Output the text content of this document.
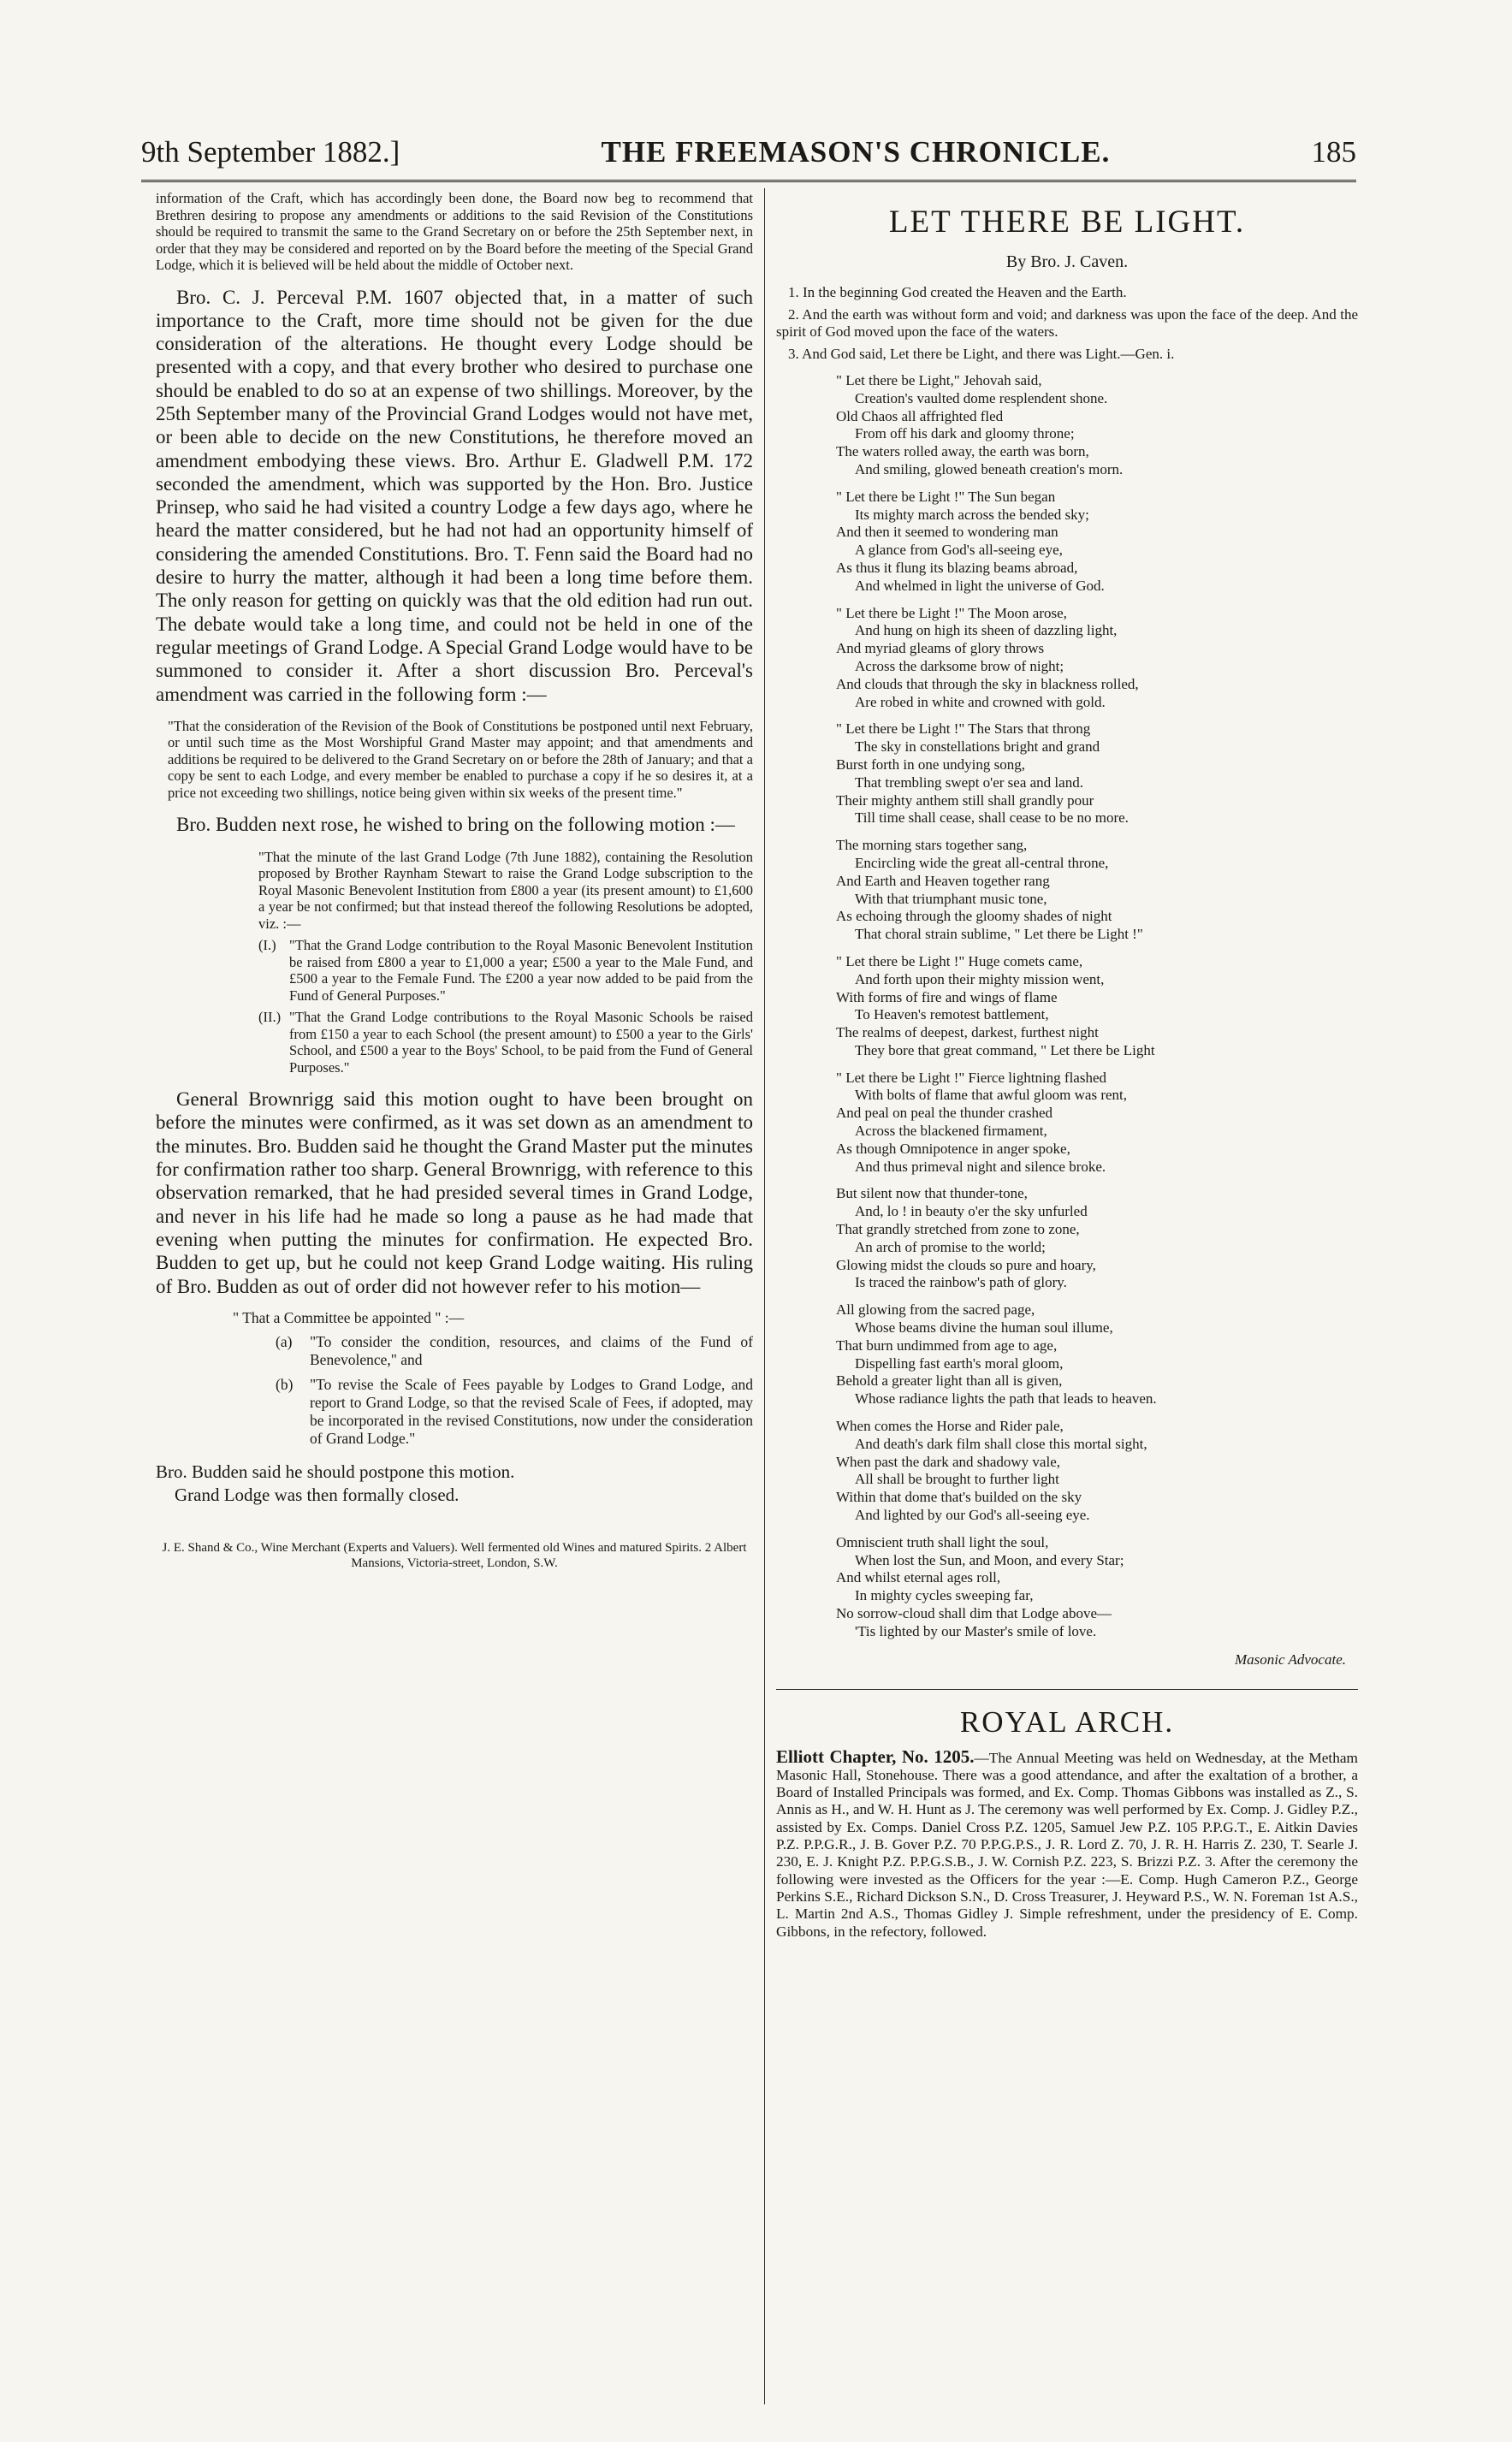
9th September 1882.]	THE FREEMASON'S CHRONICLE.	185

information of the Craft, which has accordingly been done, the Board now beg to recommend that Brethren desiring to propose any amendments or additions to the said Revision of the Constitutions should be required to transmit the same to the Grand Secretary on or before the 25th September next, in order that they may be considered and reported on by the Board before the meeting of the Special Grand Lodge, which it is believed will be held about the middle of October next.

Bro. C. J. Perceval P.M. 1607 objected that, in a matter of such importance to the Craft, more time should not be given for the due consideration of the alterations. He thought every Lodge should be presented with a copy, and that every brother who desired to purchase one should be enabled to do so at an expense of two shillings. Moreover, by the 25th September many of the Provincial Grand Lodges would not have met, or been able to decide on the new Constitutions, he therefore moved an amendment embodying these views. Bro. Arthur E. Gladwell P.M. 172 seconded the amendment, which was supported by the Hon. Bro. Justice Prinsep, who said he had visited a country Lodge a few days ago, where he heard the matter considered, but he had not had an opportunity himself of considering the amended Constitutions. Bro. T. Fenn said the Board had no desire to hurry the matter, although it had been a long time before them. The only reason for getting on quickly was that the old edition had run out. The debate would take a long time, and could not be held in one of the regular meetings of Grand Lodge. A Special Grand Lodge would have to be summoned to consider it. After a short discussion Bro. Perceval's amendment was carried in the following form :—

"That the consideration of the Revision of the Book of Constitutions be postponed until next February, or until such time as the Most Worshipful Grand Master may appoint; and that amendments and additions be required to be delivered to the Grand Secretary on or before the 28th of January; and that a copy be sent to each Lodge, and every member be enabled to purchase a copy if he so desires it, at a price not exceeding two shillings, notice being given within six weeks of the present time."

Bro. Budden next rose, he wished to bring on the following motion :—

"That the minute of the last Grand Lodge (7th June 1882), containing the Resolution proposed by Brother Raynham Stewart to raise the Grand Lodge subscription to the Royal Masonic Benevolent Institution from £800 a year (its present amount) to £1,600 a year be not confirmed; but that instead thereof the following Resolutions be adopted, viz. :—

(I.) "That the Grand Lodge contribution to the Royal Masonic Benevolent Institution be raised from £800 a year to £1,000 a year; £500 a year to the Male Fund, and £500 a year to the Female Fund. The £200 a year now added to be paid from the Fund of General Purposes."
(II.) "That the Grand Lodge contributions to the Royal Masonic Schools be raised from £150 a year to each School (the present amount) to £500 a year to the Girls' School, and £500 a year to the Boys' School, to be paid from the Fund of General Purposes."

General Brownrigg said this motion ought to have been brought on before the minutes were confirmed, as it was set down as an amendment to the minutes. Bro. Budden said he thought the Grand Master put the minutes for confirmation rather too sharp. General Brownrigg, with reference to this observation remarked, that he had presided several times in Grand Lodge, and never in his life had he made so long a pause as he had made that evening when putting the minutes for confirmation. He expected Bro. Budden to get up, but he could not keep Grand Lodge waiting. His ruling of Bro. Budden as out of order did not however refer to his motion—

" That a Committee be appointed " :—

(a)	"To consider the condition, resources, and claims of the Fund of Benevolence," and
(b)	"To revise the Scale of Fees payable by Lodges to Grand Lodge, and report to Grand Lodge, so that the revised Scale of Fees, if adopted, may be incorporated in the revised Constitutions, now under the consideration of Grand Lodge."

Bro. Budden said he should postpone this motion.

Grand Lodge was then formally closed.

J. E. Shand & Co., Wine Merchant (Experts and Valuers). Well fermented old Wines and matured Spirits. 2 Albert Mansions, Victoria-street, London, S.W.

LET THERE BE LIGHT.
By Bro. J. Caven.

1. In the beginning God created the Heaven and the Earth.

2. And the earth was without form and void; and darkness was upon the face of the deep. And the spirit of God moved upon the face of the waters.

3. And God said, Let there be Light, and there was Light.—Gen. i.

" Let there be Light," Jehovah said,
Creation's vaulted dome resplendent shone.
Old Chaos all affrighted fled
From off his dark and gloomy throne;
The waters rolled away, the earth was born,
And smiling, glowed beneath creation's morn.
" Let there be Light !" The Sun began
Its mighty march across the bended sky;
And then it seemed to wondering man
A glance from God's all-seeing eye,
As thus it flung its blazing beams abroad,
And whelmed in light the universe of God.
" Let there be Light !" The Moon arose,
And hung on high its sheen of dazzling light,
And myriad gleams of glory throws
Across the darksome brow of night;
And clouds that through the sky in blackness rolled,
Are robed in white and crowned with gold.
" Let there be Light !" The Stars that throng
The sky in constellations bright and grand
Burst forth in one undying song,
That trembling swept o'er sea and land.
Their mighty anthem still shall grandly pour
Till time shall cease, shall cease to be no more.
The morning stars together sang,
Encircling wide the great all-central throne,
And Earth and Heaven together rang
With that triumphant music tone,
As echoing through the gloomy shades of night
That choral strain sublime, " Let there be Light !"
" Let there be Light !" Huge comets came,
And forth upon their mighty mission went,
With forms of fire and wings of flame
To Heaven's remotest battlement,
The realms of deepest, darkest, furthest night
They bore that great command, " Let there be Light
" Let there be Light !" Fierce lightning flashed
With bolts of flame that awful gloom was rent,
And peal on peal the thunder crashed
Across the blackened firmament,
As though Omnipotence in anger spoke,
And thus primeval night and silence broke.
But silent now that thunder-tone,
And, lo ! in beauty o'er the sky unfurled
That grandly stretched from zone to zone,
An arch of promise to the world;
Glowing midst the clouds so pure and hoary,
Is traced the rainbow's path of glory.
All glowing from the sacred page,
Whose beams divine the human soul illume,
That burn undimmed from age to age,
Dispelling fast earth's moral gloom,
Behold a greater light than all is given,
Whose radiance lights the path that leads to heaven.
When comes the Horse and Rider pale,
And death's dark film shall close this mortal sight,
When past the dark and shadowy vale,
All shall be brought to further light
Within that dome that's builded on the sky
And lighted by our God's all-seeing eye.
Omniscient truth shall light the soul,
When lost the Sun, and Moon, and every Star;
And whilst eternal ages roll,
In mighty cycles sweeping far,
No sorrow-cloud shall dim that Lodge above—
'Tis lighted by our Master's smile of love.
Masonic Advocate.
ROYAL ARCH.

Elliott Chapter, No. 1205.—The Annual Meeting was held on Wednesday, at the Metham Masonic Hall, Stonehouse. There was a good attendance, and after the exaltation of a brother, a Board of Installed Principals was formed, and Ex. Comp. Thomas Gibbons was installed as Z., S. Annis as H., and W. H. Hunt as J. The ceremony was well performed by Ex. Comp. J. Gidley P.Z., assisted by Ex. Comps. Daniel Cross P.Z. 1205, Samuel Jew P.Z. 105 P.P.G.T., E. Aitkin Davies P.Z. P.P.G.R., J. B. Gover P.Z. 70 P.P.G.P.S., J. R. Lord Z. 70, J. R. H. Harris Z. 230, T. Searle J. 230, E. J. Knight P.Z. P.P.G.S.B., J. W. Cornish P.Z. 223, S. Brizzi P.Z. 3. After the ceremony the following were invested as the Officers for the year :—E. Comp. Hugh Cameron P.Z., George Perkins S.E., Richard Dickson S.N., D. Cross Treasurer, J. Heyward P.S., W. N. Foreman 1st A.S., L. Martin 2nd A.S., Thomas Gidley J. Simple refreshment, under the presidency of E. Comp. Gibbons, in the refectory, followed.
